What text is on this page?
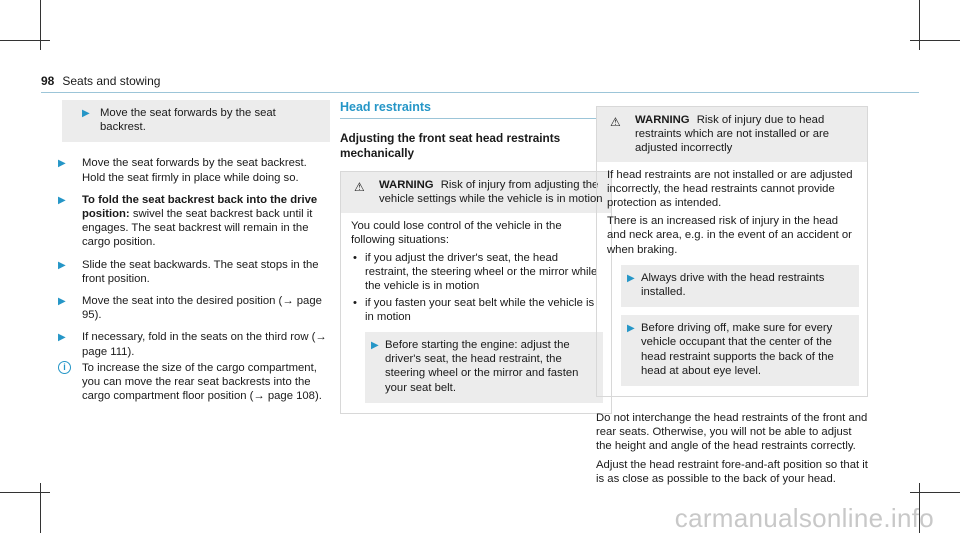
98 Seats and stowing
▶ Move the seat forwards by the seat backrest.
▶ Move the seat forwards by the seat backrest. Hold the seat firmly in place while doing so.
▶ To fold the seat backrest back into the drive position: swivel the seat backrest back until it engages. The seat backrest will remain in the cargo position.
▶ Slide the seat backwards. The seat stops in the front position.
▶ Move the seat into the desired position (→ page 95).
▶ If necessary, fold in the seats on the third row (→ page 111).
i	To increase the size of the cargo compartment, you can move the rear seat backrests into the cargo compartment floor position (→ page 108).
Head restraints
Adjusting the front seat head restraints mechanically
⚠ WARNING Risk of injury from adjusting the vehicle settings while the vehicle is in motion

You could lose control of the vehicle in the following situations:

• if you adjust the driver's seat, the head restraint, the steering wheel or the mirror while the vehicle is in motion
• if you fasten your seat belt while the vehicle is in motion
▶ Before starting the engine: adjust the driver's seat, the head restraint, the steering wheel or the mirror and fasten your seat belt.
⚠ WARNING Risk of injury due to head restraints which are not installed or are adjusted incorrectly

If head restraints are not installed or are adjusted incorrectly, the head restraints cannot provide protection as intended.

There is an increased risk of injury in the head and neck area, e.g. in the event of an accident or when braking.

▶ Always drive with the head restraints installed.
▶ Before driving off, make sure for every vehicle occupant that the center of the head restraint supports the back of the head at about eye level.

Do not interchange the head restraints of the front and rear seats. Otherwise, you will not be able to adjust the height and angle of the head restraints correctly.

Adjust the head restraint fore-and-aft position so that it is as close as possible to the back of your head.

carmanualsonline.info
